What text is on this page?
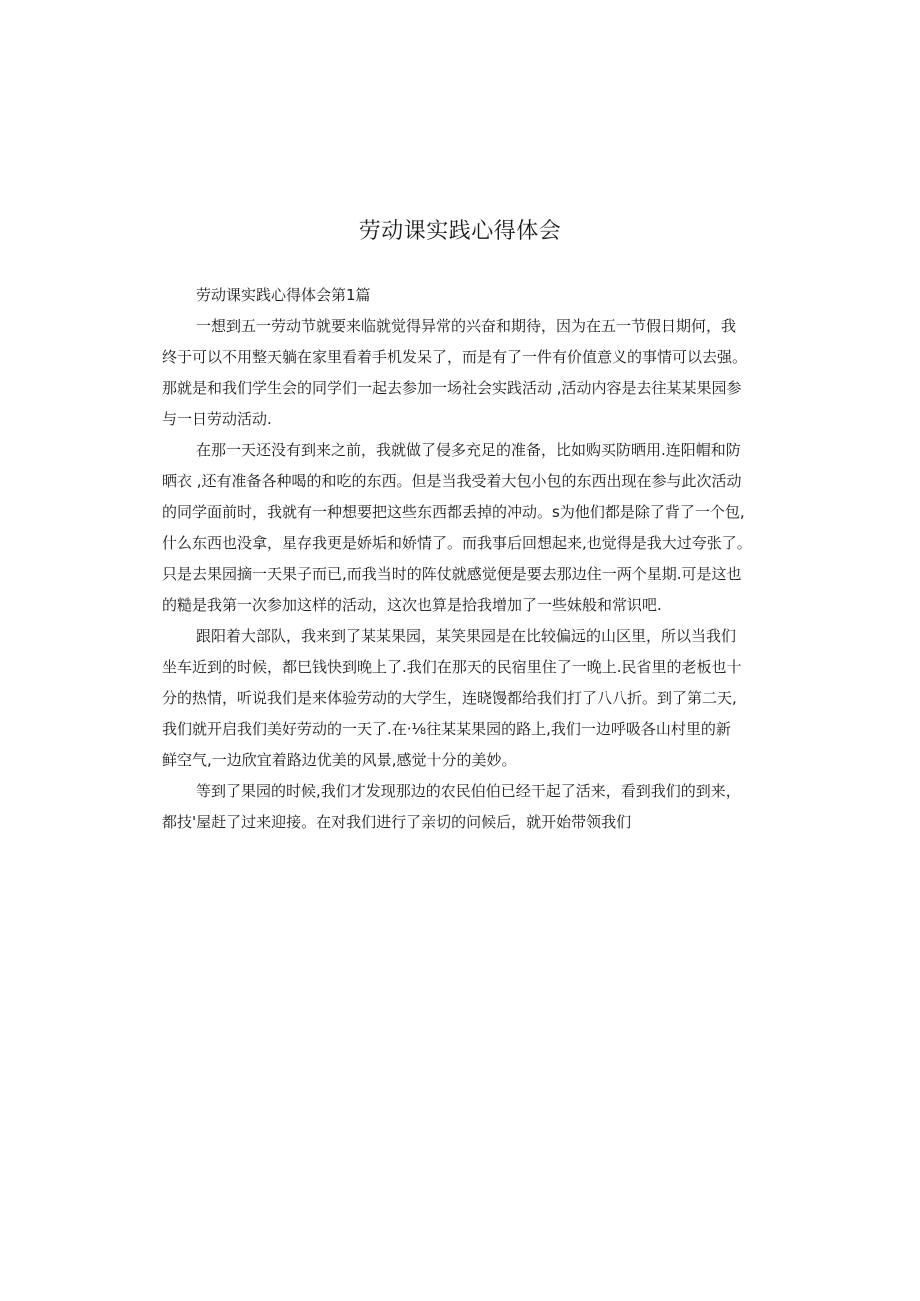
劳动课实践心得体会

劳动课实践心得体会第1篇

一想到五一劳动节就要来临就觉得异常的兴奋和期待，因为在五一节假日期何，我
终于可以不用整天躺在家里看着手机发呆了，而是有了一件有价值意义的事情可以去强。
那就是和我们学生会的同学们一起去参加一场社会实践活动 ,活动内容是去往某某果园参
与一日劳动活动.
在那一天还没有到来之前，我就做了侵多充足的准备，比如购买防晒用.连阳帽和防
晒衣 ,还有准备各种喝的和吃的东西。但是当我受着大包小包的东西出现在参与此次活动
的同学面前时，我就有一种想要把这些东西都丢掉的冲动。s为他们都是除了背了一个包,
什么东西也没拿，星存我更是娇垢和娇情了。而我事后回想起来,也觉得是我大过夸张了。
只是去果园摘一天果子而已,而我当时的阵仗就感觉便是要去那边住一两个星期.可是这也
的糙是我第一次参加这样的活动，这次也算是拾我增加了一些妹般和常识吧.
跟阳着大部队，我来到了某某果园，某笑果园是在比较偏远的山区里，所以当我们
坐车近到的时候，都巳钱快到晚上了.我们在那天的民宿里住了一晚上.民省里的老板也十
分的热情，听说我们是来体验劳动的大学生，连晓馒都给我们打了八八折。到了第二天,
我们就开启我们美好劳动的一天了.在·⅛往某某果园的路上,我们一边呼吸各山村里的新
鲜空气,一边欣宜着路边优美的风景,感觉十分的美妙。
等到了果园的时候,我们才发现那边的农民伯伯已经干起了活来，看到我们的到来，
都技'屋赶了过来迎接。在对我们进行了亲切的问候后，就开始带领我们
